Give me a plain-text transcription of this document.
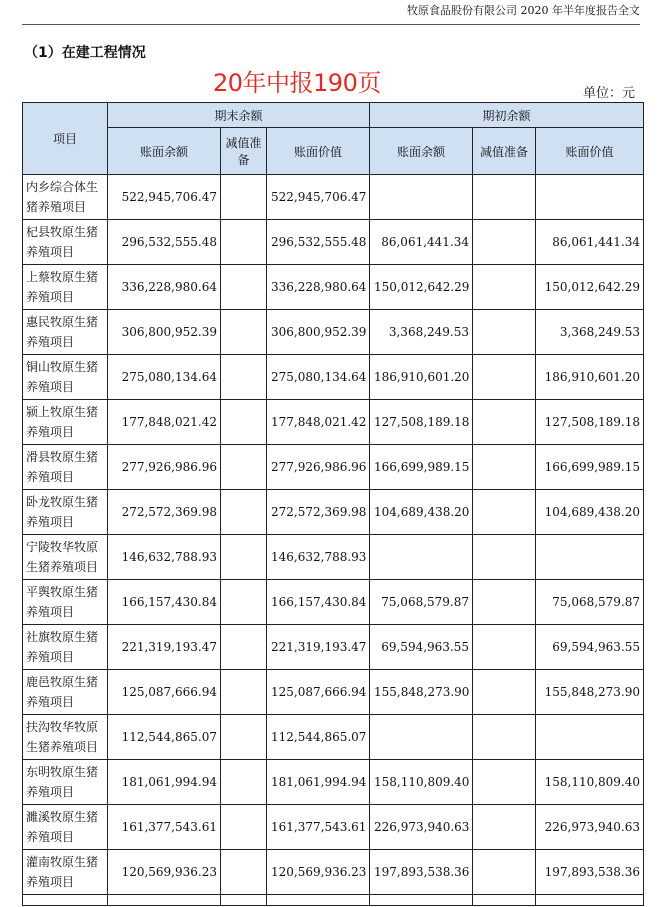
牧原食品股份有限公司 2020 年半年度报告全文
（1）在建工程情况
20年中报190页	单位：元
项目	期末余额			期初余额		
	账面余额	减值准备	账面价值	账面余额	减值准备	账面价值
内乡综合体生猪养殖项目	522,945,706.47		522,945,706.47			
杞县牧原生猪养殖项目	296,532,555.48		296,532,555.48	86,061,441.34		86,061,441.34
上蔡牧原生猪养殖项目	336,228,980.64		336,228,980.64	150,012,642.29		150,012,642.29
惠民牧原生猪养殖项目	306,800,952.39		306,800,952.39	3,368,249.53		3,368,249.53
铜山牧原生猪养殖项目	275,080,134.64		275,080,134.64	186,910,601.20		186,910,601.20
颍上牧原生猪养殖项目	177,848,021.42		177,848,021.42	127,508,189.18		127,508,189.18
滑县牧原生猪养殖项目	277,926,986.96		277,926,986.96	166,699,989.15		166,699,989.15
卧龙牧原生猪养殖项目	272,572,369.98		272,572,369.98	104,689,438.20		104,689,438.20
宁陵牧华牧原生猪养殖项目	146,632,788.93		146,632,788.93			
平舆牧原生猪养殖项目	166,157,430.84		166,157,430.84	75,068,579.87		75,068,579.87
社旗牧原生猪养殖项目	221,319,193.47		221,319,193.47	69,594,963.55		69,594,963.55
鹿邑牧原生猪养殖项目	125,087,666.94		125,087,666.94	155,848,273.90		155,848,273.90
扶沟牧华牧原生猪养殖项目	112,544,865.07		112,544,865.07			
东明牧原生猪养殖项目	181,061,994.94		181,061,994.94	158,110,809.40		158,110,809.40
濉溪牧原生猪养殖项目	161,377,543.61		161,377,543.61	226,973,940.63		226,973,940.63
灌南牧原生猪养殖项目	120,569,936.23		120,569,936.23	197,893,538.36		197,893,538.36
